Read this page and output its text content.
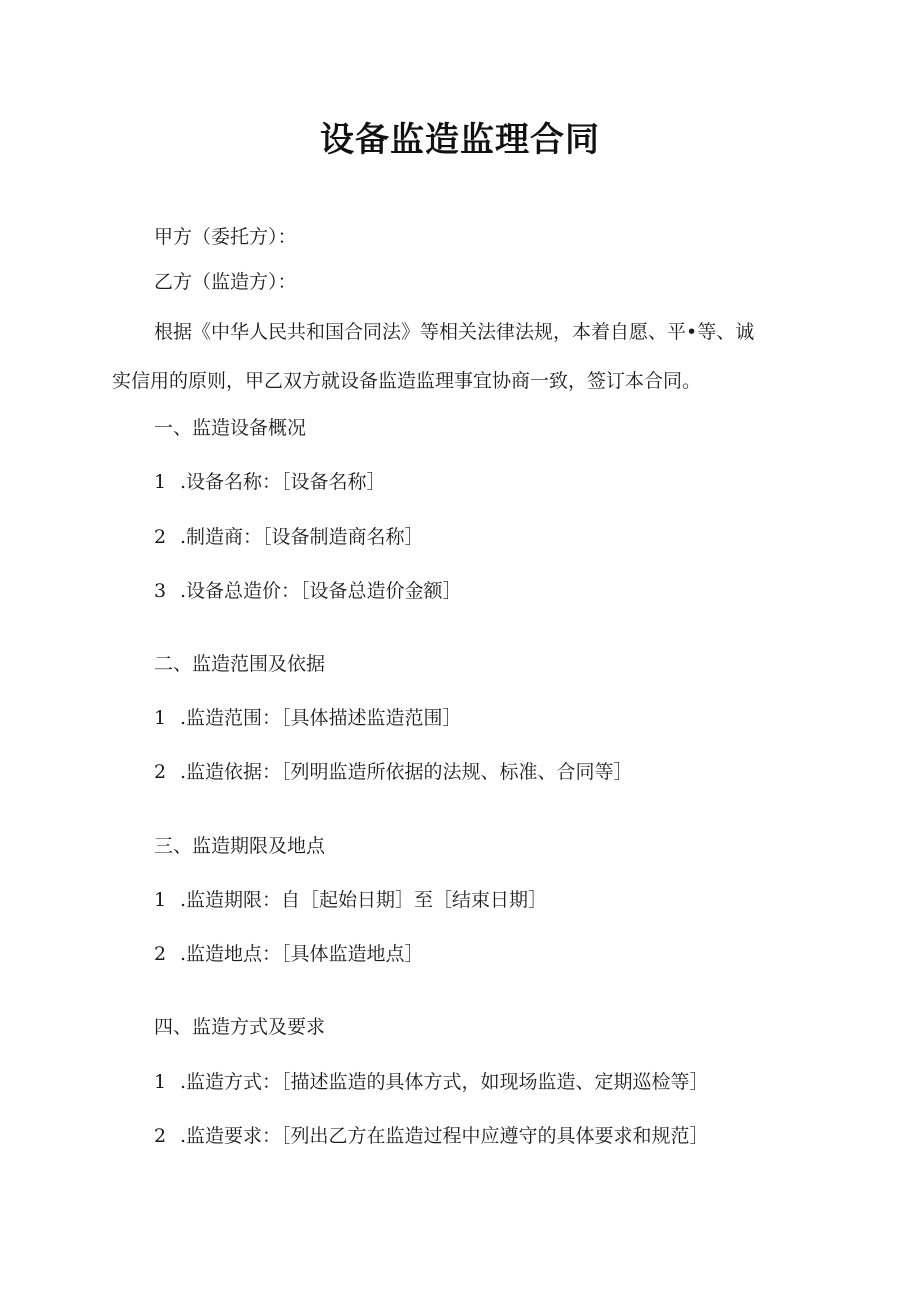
设备监造监理合同
甲方（委托方）：
乙方（监造方）：
根据《中华人民共和国合同法》等相关法律法规，本着自愿、平•等、诚
实信用的原则，甲乙双方就设备监造监理事宜协商一致，签订本合同。
一、监造设备概况
1 .设备名称：［设备名称］
2 .制造商：［设备制造商名称］
3 .设备总造价：［设备总造价金额］
二、监造范围及依据
1 .监造范围：［具体描述监造范围］
2 .监造依据：［列明监造所依据的法规、标准、合同等］
三、监造期限及地点
1 .监造期限：自［起始日期］至［结束日期］
2 .监造地点：［具体监造地点］
四、监造方式及要求
1 .监造方式：［描述监造的具体方式，如现场监造、定期巡检等］
2 .监造要求：［列出乙方在监造过程中应遵守的具体要求和规范］
